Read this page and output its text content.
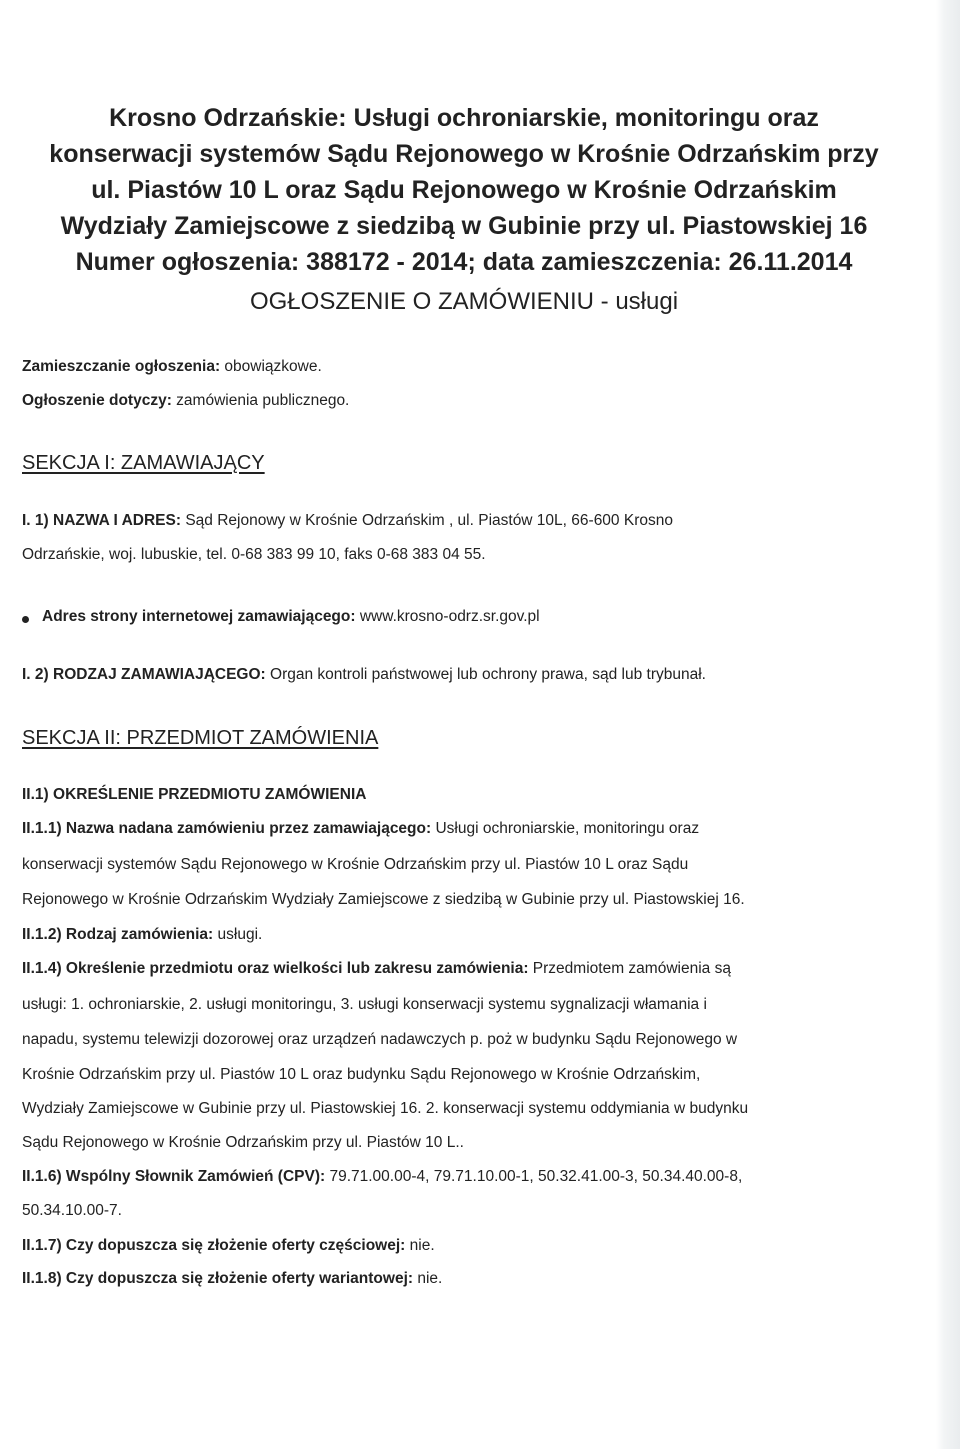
Krosno Odrzańskie: Usługi ochroniarskie, monitoringu oraz
konserwacji systemów Sądu Rejonowego w Krośnie Odrzańskim przy
ul. Piastów 10 L oraz Sądu Rejonowego w Krośnie Odrzańskim
Wydziały Zamiejscowe z siedzibą w Gubinie przy ul. Piastowskiej 16
Numer ogłoszenia: 388172 - 2014; data zamieszczenia: 26.11.2014
OGŁOSZENIE O ZAMÓWIENIU - usługi
Zamieszczanie ogłoszenia: obowiązkowe.
Ogłoszenie dotyczy: zamówienia publicznego.
SEKCJA I: ZAMAWIAJĄCY
I. 1) NAZWA I ADRES: Sąd Rejonowy w Krośnie Odrzańskim , ul. Piastów 10L, 66-600 Krosno
Odrzańskie, woj. lubuskie, tel. 0-68 383 99 10, faks 0-68 383 04 55.
Adres strony internetowej zamawiającego: www.krosno-odrz.sr.gov.pl
I. 2) RODZAJ ZAMAWIAJĄCEGO: Organ kontroli państwowej lub ochrony prawa, sąd lub trybunał.
SEKCJA II: PRZEDMIOT ZAMÓWIENIA
II.1) OKREŚLENIE PRZEDMIOTU ZAMÓWIENIA
II.1.1) Nazwa nadana zamówieniu przez zamawiającego: Usługi ochroniarskie, monitoringu oraz
konserwacji systemów Sądu Rejonowego w Krośnie Odrzańskim przy ul. Piastów 10 L oraz Sądu
Rejonowego w Krośnie Odrzańskim Wydziały Zamiejscowe z siedzibą w Gubinie przy ul. Piastowskiej 16.
II.1.2) Rodzaj zamówienia: usługi.
II.1.4) Określenie przedmiotu oraz wielkości lub zakresu zamówienia: Przedmiotem zamówienia są
usługi: 1. ochroniarskie, 2. usługi monitoringu, 3. usługi konserwacji systemu sygnalizacji włamania i
napadu, systemu telewizji dozorowej oraz urządzeń nadawczych p. poż w budynku Sądu Rejonowego w
Krośnie Odrzańskim przy ul. Piastów 10 L oraz budynku Sądu Rejonowego w Krośnie Odrzańskim,
Wydziały Zamiejscowe w Gubinie przy ul. Piastowskiej 16. 2. konserwacji systemu oddymiania w budynku
Sądu Rejonowego w Krośnie Odrzańskim przy ul. Piastów 10 L..
II.1.6) Wspólny Słownik Zamówień (CPV): 79.71.00.00-4, 79.71.10.00-1, 50.32.41.00-3, 50.34.40.00-8,
50.34.10.00-7.
II.1.7) Czy dopuszcza się złożenie oferty częściowej: nie.
II.1.8) Czy dopuszcza się złożenie oferty wariantowej: nie.
